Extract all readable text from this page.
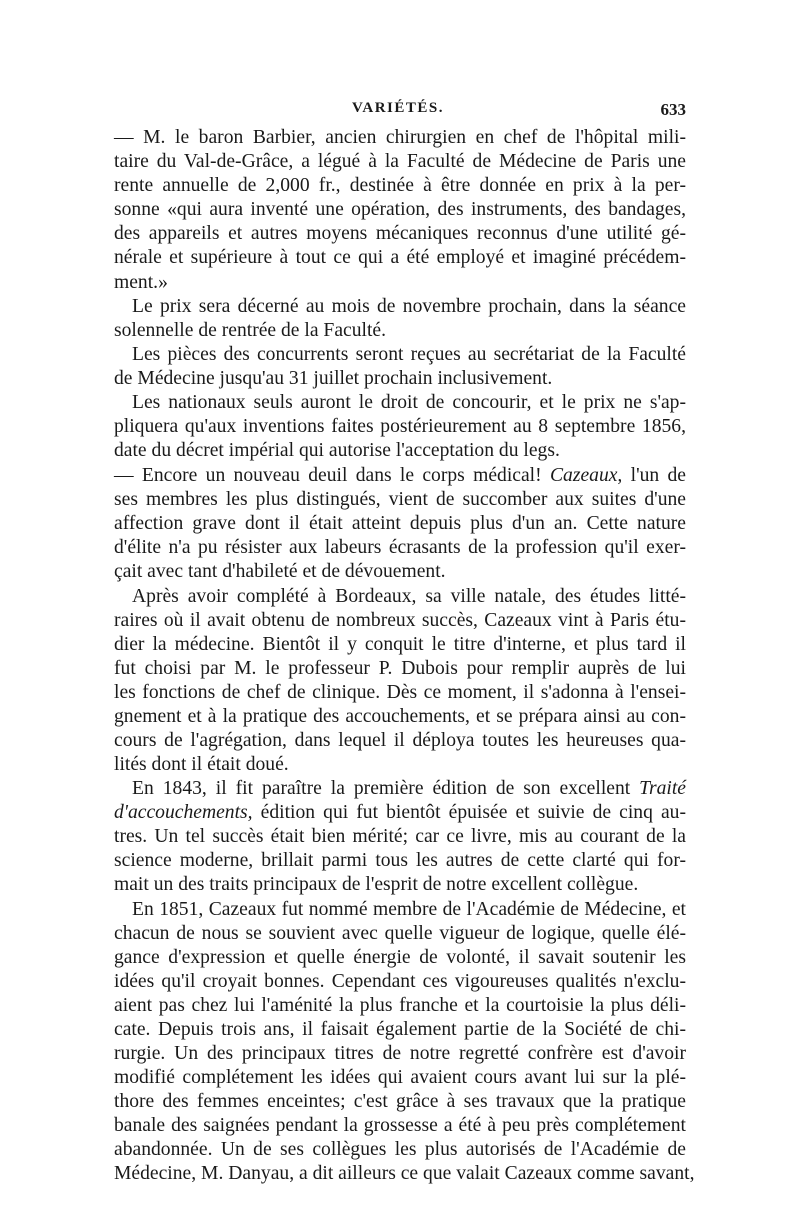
VARIÉTÉS.	633
— M. le baron Barbier, ancien chirurgien en chef de l'hôpital mili-
taire du Val-de-Grâce, a légué à la Faculté de Médecine de Paris une
rente annuelle de 2,000 fr., destinée à être donnée en prix à la per-
sonne «qui aura inventé une opération, des instruments, des bandages,
des appareils et autres moyens mécaniques reconnus d'une utilité gé-
nérale et supérieure à tout ce qui a été employé et imaginé précédem-
ment.»
Le prix sera décerné au mois de novembre prochain, dans la séance
solennelle de rentrée de la Faculté.
Les pièces des concurrents seront reçues au secrétariat de la Faculté
de Médecine jusqu'au 31 juillet prochain inclusivement.
Les nationaux seuls auront le droit de concourir, et le prix ne s'ap-
pliquera qu'aux inventions faites postérieurement au 8 septembre 1856,
date du décret impérial qui autorise l'acceptation du legs.
— Encore un nouveau deuil dans le corps médical! Cazeaux, l'un de
ses membres les plus distingués, vient de succomber aux suites d'une
affection grave dont il était atteint depuis plus d'un an. Cette nature
d'élite n'a pu résister aux labeurs écrasants de la profession qu'il exer-
çait avec tant d'habileté et de dévouement.
Après avoir complété à Bordeaux, sa ville natale, des études litté-
raires où il avait obtenu de nombreux succès, Cazeaux vint à Paris étu-
dier la médecine. Bientôt il y conquit le titre d'interne, et plus tard il
fut choisi par M. le professeur P. Dubois pour remplir auprès de lui
les fonctions de chef de clinique. Dès ce moment, il s'adonna à l'ensei-
gnement et à la pratique des accouchements, et se prépara ainsi au con-
cours de l'agrégation, dans lequel il déploya toutes les heureuses qua-
lités dont il était doué.
En 1843, il fit paraître la première édition de son excellent Traité
d'accouchements, édition qui fut bientôt épuisée et suivie de cinq au-
tres. Un tel succès était bien mérité; car ce livre, mis au courant de la
science moderne, brillait parmi tous les autres de cette clarté qui for-
mait un des traits principaux de l'esprit de notre excellent collègue.
En 1851, Cazeaux fut nommé membre de l'Académie de Médecine, et
chacun de nous se souvient avec quelle vigueur de logique, quelle élé-
gance d'expression et quelle énergie de volonté, il savait soutenir les
idées qu'il croyait bonnes. Cependant ces vigoureuses qualités n'exclu-
aient pas chez lui l'aménité la plus franche et la courtoisie la plus déli-
cate. Depuis trois ans, il faisait également partie de la Société de chi-
rurgie. Un des principaux titres de notre regretté confrère est d'avoir
modifié complétement les idées qui avaient cours avant lui sur la plé-
thore des femmes enceintes; c'est grâce à ses travaux que la pratique
banale des saignées pendant la grossesse a été à peu près complétement
abandonnée. Un de ses collègues les plus autorisés de l'Académie de
Médecine, M. Danyau, a dit ailleurs ce que valait Cazeaux comme savant,
